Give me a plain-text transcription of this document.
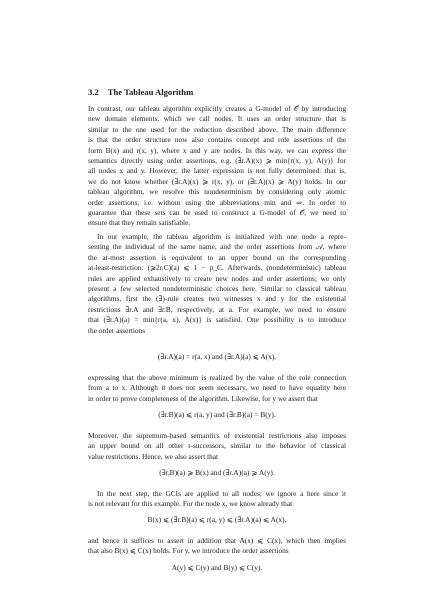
3.2 The Tableau Algorithm
In contrast, our tableau algorithm explicitly creates a G-model of 𝒪 by introducing
new domain elements, which we call nodes. It uses an order structure that is
similar to the one used for the reduction described above. The main difference
is that the order structure now also contains concept and role assertions of the
form B(x) and r(x, y), where x and y are nodes. In this way, we can express the
semantics directly using order assertions, e.g. (∃r.A)(x) ⩾ min{r(x, y), A(y)} for
all nodes x and y. However, the latter expression is not fully determined: that is,
we do not know whether (∃r.A)(x) ⩾ r(x, y), or (∃r.A)(x) ⩾ A(y) holds. In our
tableau algorithm, we resolve this nondeterminism by considering only atomic
order assertions, i.e. without using the abbreviations min and ⇒. In order to
guarantee that these sets can be used to construct a G-model of 𝒪, we need to
ensure that they remain satisfiable.
In our example, the tableau algorithm is initialized with one node a repre-
senting the individual of the same name, and the order assertions from 𝒜, where
the at-most assertion is equivalent to an upper bound on the corresponding
at-least-restriction: (⩾2r.C)(a) ⩽ 1 − p_C. Afterwards, (nondeterministic) tableau
rules are applied exhaustively to create new nodes and order assertions; we only
present a few selected nondeterministic choices here. Similar to classical tableau
algorithms, first the (∃)-rule creates two witnesses x and y for the existential
restrictions ∃r.A and ∃r.B, respectively, at a. For example, we need to ensure
that (∃r.A)(a) = min{r(a, x), A(x)} is satisfied. One possibility is to introduce
the order assertions
(∃r.A)(a) = r(a, x) and (∃r.A)(a) ⩽ A(x),
expressing that the above minimum is realized by the value of the role connection
from a to x. Although it does not seem necessary, we need to have equality here
in order to prove completeness of the algorithm. Likewise, for y we assert that
(∃r.B)(a) ⩽ r(a, y) and (∃r.B)(a) = B(y).
Moreover, the supremum-based semantics of existential restrictions also imposes
an upper bound on all other r-successors, similar to the behavior of classical
value restrictions. Hence, we also assert that
(∃r.B)(a) ⩾ B(x) and (∃r.A)(a) ⩾ A(y).
In the next step, the GCIs are applied to all nodes; we ignore a here since it
is not relevant for this example. For the node x, we know already that
B(x) ⩽ (∃r.B)(a) ⩽ r(a, y) ⩽ (∃r.A)(a) ⩽ A(x),
and hence it suffices to assert in addition that A(x) ⩽ C(x), which then implies
that also B(x) ⩽ C(x) holds. For y, we introduce the order assertions
A(y) ⩽ C(y) and B(y) ⩽ C(y).
